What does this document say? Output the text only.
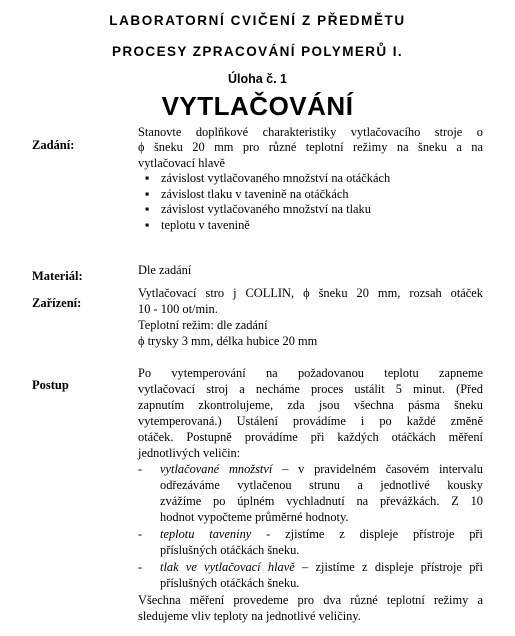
LABORATORNÍ CVIČENÍ Z PŘEDMĚTU
PROCESY ZPRACOVÁNÍ POLYMERŮ I.
Úloha č. 1
VYTLAČOVÁNÍ
Zadání:
Stanovte doplňkové charakteristiky vytlačovacího stroje o
ϕ šneku 20 mm pro různé teplotní režimy na šneku a na
vytlačovací hlavě
▪ závislost vytlačovaného množství na otáčkách
▪ závislost tlaku v tavenině na otáčkách
▪ závislost vytlačovaného množství na tlaku
▪ teplotu v tavenině
Materiál:	Dle zadání
Zařízení:
Vytlačovací stro j COLLIN, ϕ šneku 20 mm, rozsah otáček
10 - 100 ot/min.
Teplotní režim: dle zadání
ϕ trysky 3 mm, délka hubice 20 mm
Postup
Po vytemperování na požadovanou teplotu zapneme
vytlačovací stroj a necháme proces ustálit 5 minut. (Před
zapnutím zkontrolujeme, zda jsou všechna pásma šneku
vytemperovaná.) Ustálení provádíme i po každé změně
otáček. Postupně provádíme při každých otáčkách měření
jednotlivých veličin:
-	vytlačované množství – v pravidelném časovém intervalu
odřezáváme vytlačenou strunu a jednotlivé kousky
zvážíme po úplném vychladnutí na převážkách. Z 10
hodnot vypočteme průměrné hodnoty.
-	teplotu taveniny - zjistíme z displeje přístroje při
příslušných otáčkách šneku.
-	tlak ve vytlačovací hlavě – zjistíme z displeje přístroje při
příslušných otáčkách šneku.
Všechna měření provedeme pro dva různé teplotní režimy a
sledujeme vliv teploty na jednotlivé veličiny.
